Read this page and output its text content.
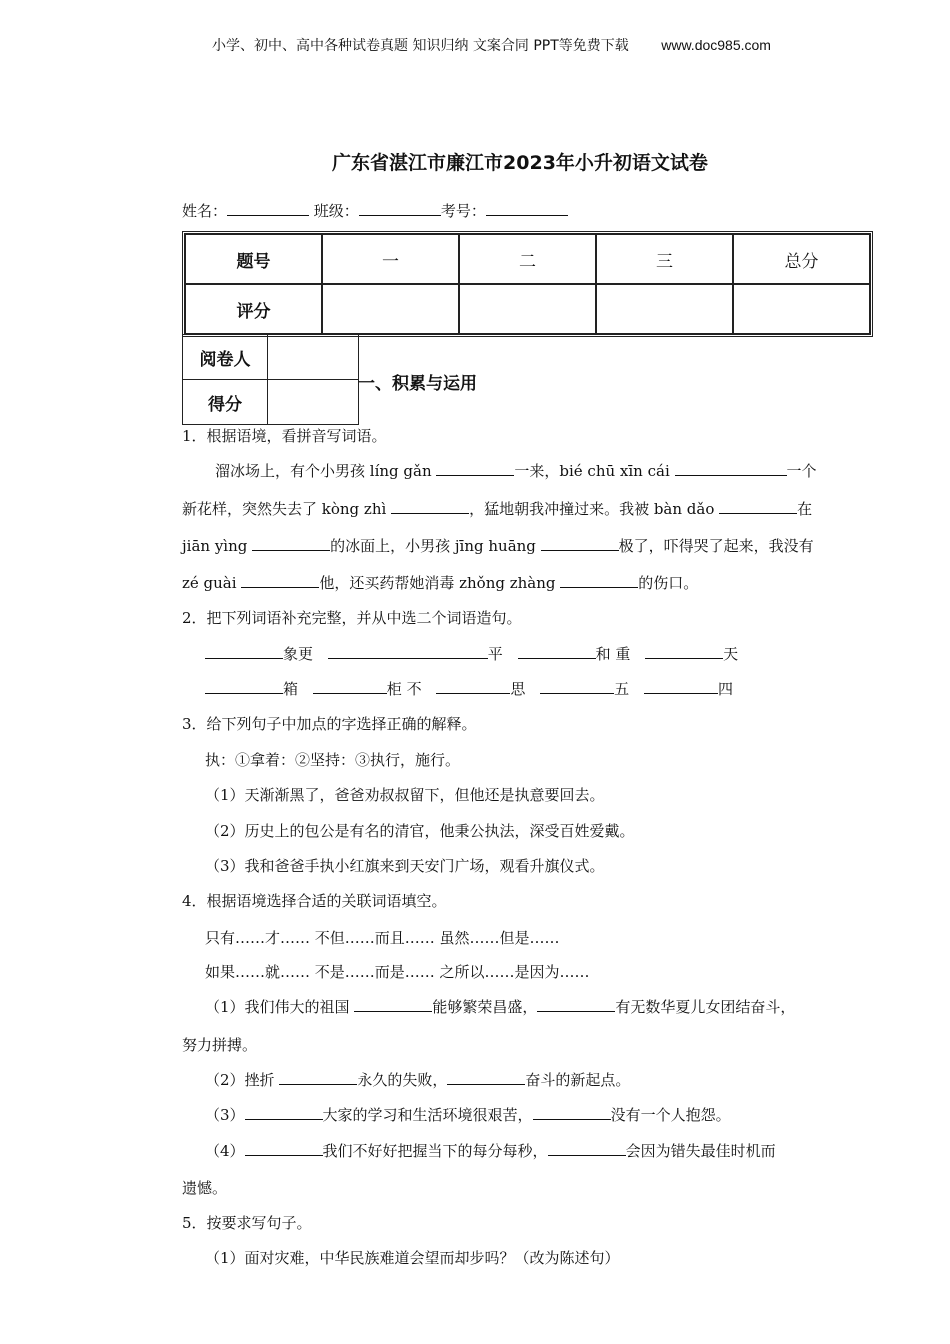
小学、初中、高中各种试卷真题 知识归纳 文案合同 PPT等免费下载 www.doc985.com
广东省湛江市廉江市2023年小升初语文试卷
姓名：	班级：	考号：
题号	一	二	三	总分
评分				
阅卷人	
得分	
一、积累与运用
1．根据语境，看拼音写词语。
溜冰场上，有个小男孩 líng gǎn	一来，bié chū xīn cái	一个
新花样，突然失去了 kòng zhì	，猛地朝我冲撞过来。我被 bàn dǎo	在
jiān yìng	的冰面上，小男孩 jīng huāng	极了，吓得哭了起来，我没有
zé guài	他，还买药帮她消毒 zhǒng zhàng	的伤口。
2．把下列词语补充完整，并从中选二个词语造句。
象更	平	和 重	天
箱	柜 不	思	五	四
3．给下列句子中加点的字选择正确的解释。
执：①拿着：②坚持：③执行，施行。
（1）天渐渐黑了，爸爸劝叔叔留下，但他还是执意要回去。
（2）历史上的包公是有名的清官，他秉公执法，深受百姓爱戴。
（3）我和爸爸手执小红旗来到天安门广场，观看升旗仪式。
4．根据语境选择合适的关联词语填空。
只有……才…… 不但……而且…… 虽然……但是……
如果……就…… 不是……而是…… 之所以……是因为……
（1）我们伟大的祖国	能够繁荣昌盛，	有无数华夏儿女团结奋斗，
努力拼搏。
（2）挫折	永久的失败，	奋斗的新起点。
（3）	大家的学习和生活环境很艰苦，	没有一个人抱怨。
（4）	我们不好好把握当下的每分每秒，	会因为错失最佳时机而
遗憾。
5．按要求写句子。
（1）面对灾难，中华民族难道会望而却步吗？（改为陈述句）
